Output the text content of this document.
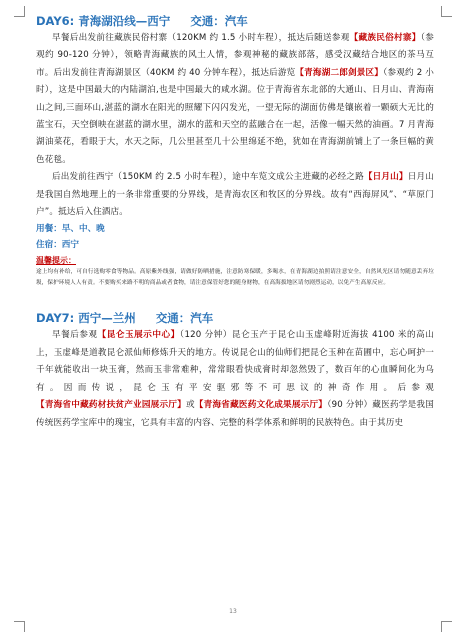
DAY6: 青海湖沿线—西宁 交通：汽车

早餐后出发前往藏族民俗村寨（120KM 约 1.5 小时车程），抵达后随送参观【藏族民俗村寨】（参观约 90-120 分钟），领略青海藏族的风土人情，参观神秘的藏族部落，感受汉藏结合地区的茶马互市。后出发前往青海湖景区（40KM 约 40 分钟车程），抵达后游览【青海湖二郎剑景区】（参观约 2 小时），这是中国最大的内陆湖泊,也是中国最大的咸水湖。位于青海省东北部的大通山、日月山、青海南山之间,三面环山,湛蓝的湖水在阳光的照耀下闪闪发光，一望无际的湖面仿佛是镶嵌着一颗硕大无比的蓝宝石，天空倒映在湛蓝的湖水里，湖水的蓝和天空的蓝融合在一起，活像一幅天然的油画。7 月青海湖油菜花，看眼于大，水天之际，几公里甚至几十公里绵延不绝，犹如在青海湖前铺上了一条巨幅的黄色花毯。

后出发前往西宁（150KM 约 2.5 小时车程），途中车览文成公主进藏的必经之路【日月山】日月山是我国自然地理上的一条非常重要的分界线，是青海农区和牧区的分界线。故有“西海屏风”、“草原门户”。抵达后入住酒店。

用餐：早、中、晚

住宿：西宁

温馨提示：

途上均有补给，可自行选购零食等物品。高原紫外线强，请做好防晒措施，注意防寒保暖，多喝水，在青海湖边拍照请注意安全，自然风光区请勿随意丢弃垃圾，保护环境人人有责。不要购买来路不明的商品或者食物，请注意保管好您的随身财物，在高海拔地区请勿剧烈运动，以免产生高原反应。

DAY7: 西宁—兰州 交通：汽车

早餐后参观【昆仑玉展示中心】（120 分钟）昆仑玉产于昆仑山玉虚峰附近海拔 4100 米的高山上，玉虚峰是道教昆仑派仙师修炼升天的地方。传说昆仑山的仙师们把昆仑玉种在苗圃中，忘心呵护一千年就能收出一块玉膏，然而玉非常难种，常常眼看快成膏时却忽然毁了，数百年的心血瞬间化为乌有。因而传说，昆仑玉有平安驱邪等不可思议的神奇作用。后参观【青海省中藏药材扶贫产业园展示厅】或【青海省藏医药文化成果展示厅】（90 分钟）藏医药学是我国传统医药学宝库中的瑰宝，它具有丰富的内容、完整的科学体系和鲜明的民族特色。由于其历史

13
